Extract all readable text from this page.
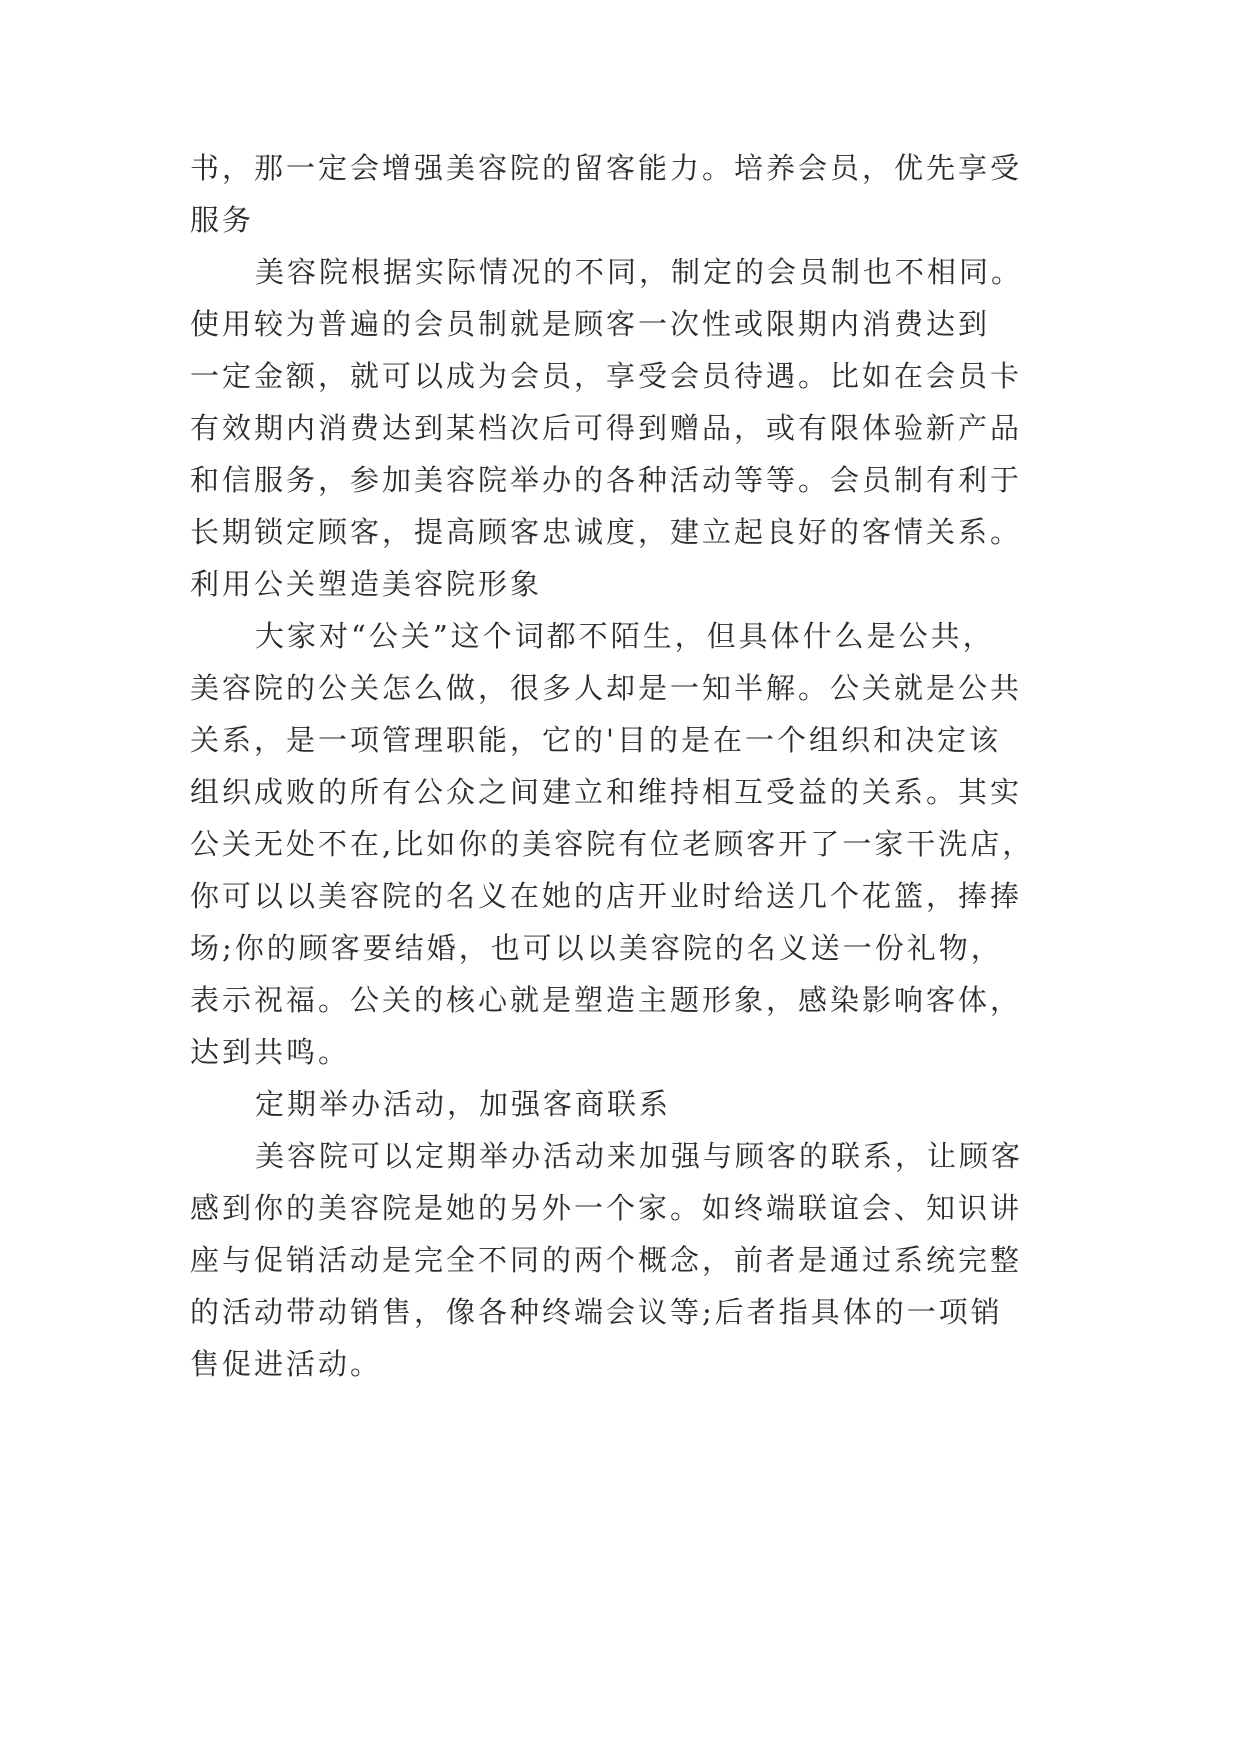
书，那一定会增强美容院的留客能力。培养会员，优先享受
服务
美容院根据实际情况的不同，制定的会员制也不相同。
使用较为普遍的会员制就是顾客一次性或限期内消费达到
一定金额，就可以成为会员，享受会员待遇。比如在会员卡
有效期内消费达到某档次后可得到赠品，或有限体验新产品
和信服务，参加美容院举办的各种活动等等。会员制有利于
长期锁定顾客，提高顾客忠诚度，建立起良好的客情关系。
利用公关塑造美容院形象
大家对“公关”这个词都不陌生，但具体什么是公共，
美容院的公关怎么做，很多人却是一知半解。公关就是公共
关系，是一项管理职能，它的'目的是在一个组织和决定该
组织成败的所有公众之间建立和维持相互受益的关系。其实
公关无处不在,比如你的美容院有位老顾客开了一家干洗店，
你可以以美容院的名义在她的店开业时给送几个花篮，捧捧
场;你的顾客要结婚，也可以以美容院的名义送一份礼物，
表示祝福。公关的核心就是塑造主题形象，感染影响客体，
达到共鸣。
定期举办活动，加强客商联系
美容院可以定期举办活动来加强与顾客的联系，让顾客
感到你的美容院是她的另外一个家。如终端联谊会、知识讲
座与促销活动是完全不同的两个概念，前者是通过系统完整
的活动带动销售，像各种终端会议等;后者指具体的一项销
售促进活动。
